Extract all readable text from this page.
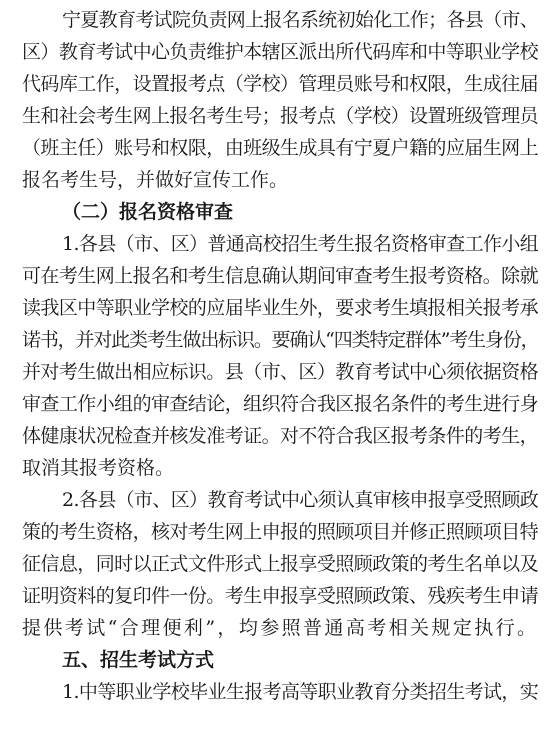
宁夏教育考试院负责网上报名系统初始化工作；各县（市、
区）教育考试中心负责维护本辖区派出所代码库和中等职业学校
代码库工作，设置报考点（学校）管理员账号和权限，生成往届
生和社会考生网上报名考生号；报考点（学校）设置班级管理员
（班主任）账号和权限，由班级生成具有宁夏户籍的应届生网上
报名考生号，并做好宣传工作。
（二）报名资格审查
1.各县（市、区）普通高校招生考生报名资格审查工作小组
可在考生网上报名和考生信息确认期间审查考生报考资格。除就
读我区中等职业学校的应届毕业生外，要求考生填报相关报考承
诺书，并对此类考生做出标识。要确认“四类特定群体”考生身份，
并对考生做出相应标识。县（市、区）教育考试中心须依据资格
审查工作小组的审查结论，组织符合我区报名条件的考生进行身
体健康状况检查并核发准考证。对不符合我区报考条件的考生，
取消其报考资格。
2.各县（市、区）教育考试中心须认真审核申报享受照顾政
策的考生资格，核对考生网上申报的照顾项目并修正照顾项目特
征信息，同时以正式文件形式上报享受照顾政策的考生名单以及
证明资料的复印件一份。考生申报享受照顾政策、残疾考生申请
提供考试“合理便利”，均参照普通高考相关规定执行。
五、招生考试方式
1.中等职业学校毕业生报考高等职业教育分类招生考试，实
